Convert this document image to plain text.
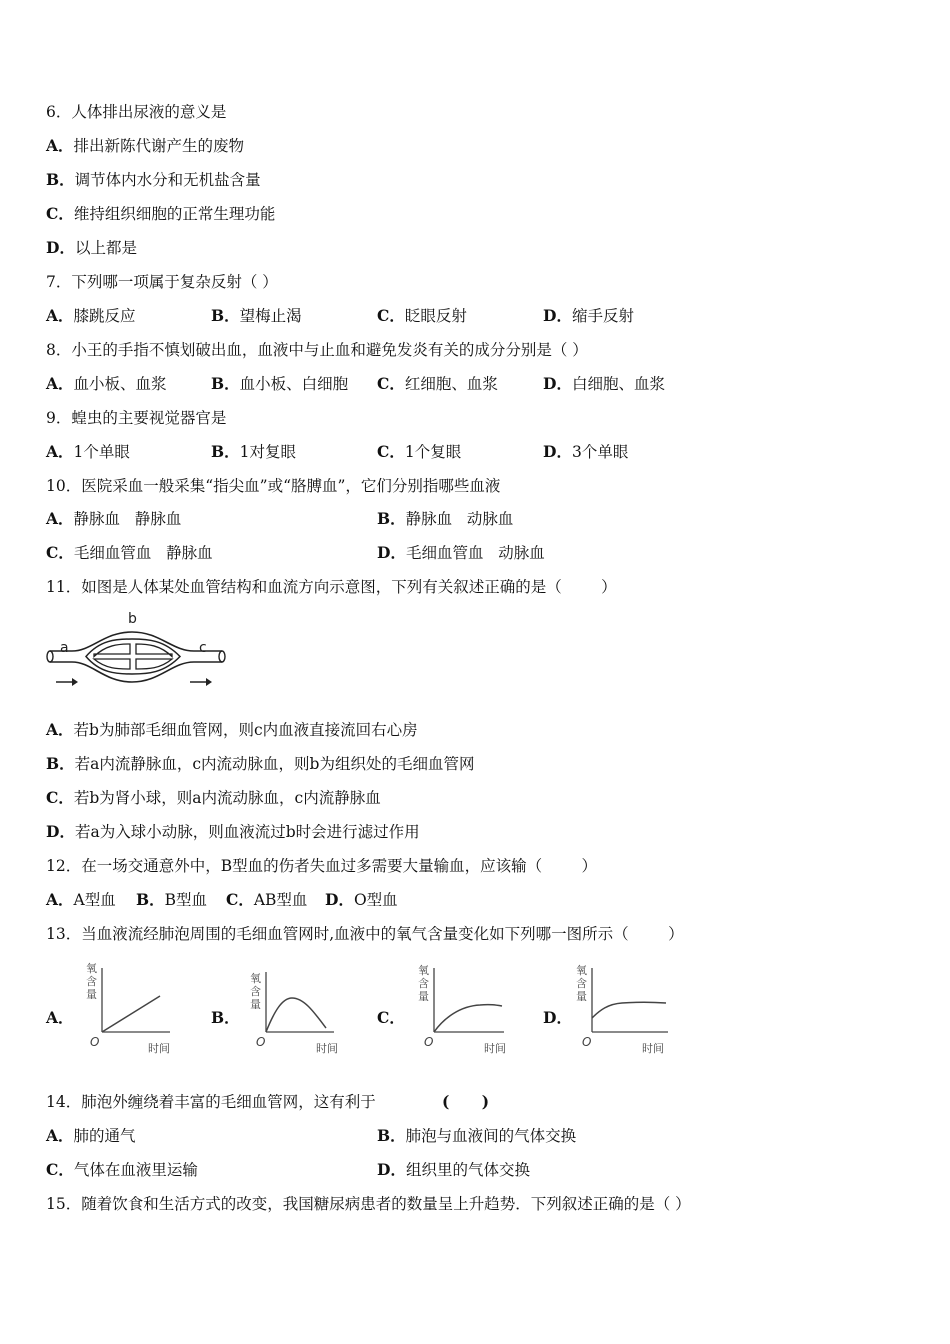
6．人体排出尿液的意义是
A．排出新陈代谢产生的废物
B．调节体内水分和无机盐含量
C．维持组织细胞的正常生理功能
D．以上都是
7．下列哪一项属于复杂反射（ ）
A．膝跳反应	B．望梅止渴	C．眨眼反射	D．缩手反射
8．小王的手指不慎划破出血，血液中与止血和避免发炎有关的成分分别是（ ）
A．血小板、血浆	B．血小板、白细胞 C．红细胞、血浆	D．白细胞、血浆
9．蝗虫的主要视觉器官是
A．1个单眼	B．1对复眼	C．1个复眼	D．3个单眼
10．医院采血一般采集“指尖血”或“胳膊血”，它们分别指哪些血液
A．静脉血   静脉血	B．静脉血   动脉血
C．毛细血管血   静脉血	D．毛细血管血   动脉血
11．如图是人体某处血管结构和血流方向示意图，下列有关叙述正确的是（        ）
a
b
c
A．若b为肺部毛细血管网，则c内血液直接流回右心房
B．若a内流静脉血，c内流动脉血，则b为组织处的毛细血管网
C．若b为肾小球，则a内流动脉血，c内流静脉血
D．若a为入球小动脉，则血液流过b时会进行滤过作用
12．在一场交通意外中，B型血的伤者失血过多需要大量输血，应该输（        ）
A．A型血 B．B型血 C．AB型血 D．O型血
13．当血液流经肺泡周围的毛细血管网时,血液中的氧气含量变化如下列哪一图所示（        ）
A．
氧含量
O	时间
B．
氧含量
O	时间
C．
氧含量
O	时间
D．
氧含量
O	时间
14．肺泡外缠绕着丰富的毛细血管网，这有利于	(      )
A．肺的通气	B．肺泡与血液间的气体交换
C．气体在血液里运输	D．组织里的气体交换
15．随着饮食和生活方式的改变，我国糖尿病患者的数量呈上升趋势．下列叙述正确的是（ ）
